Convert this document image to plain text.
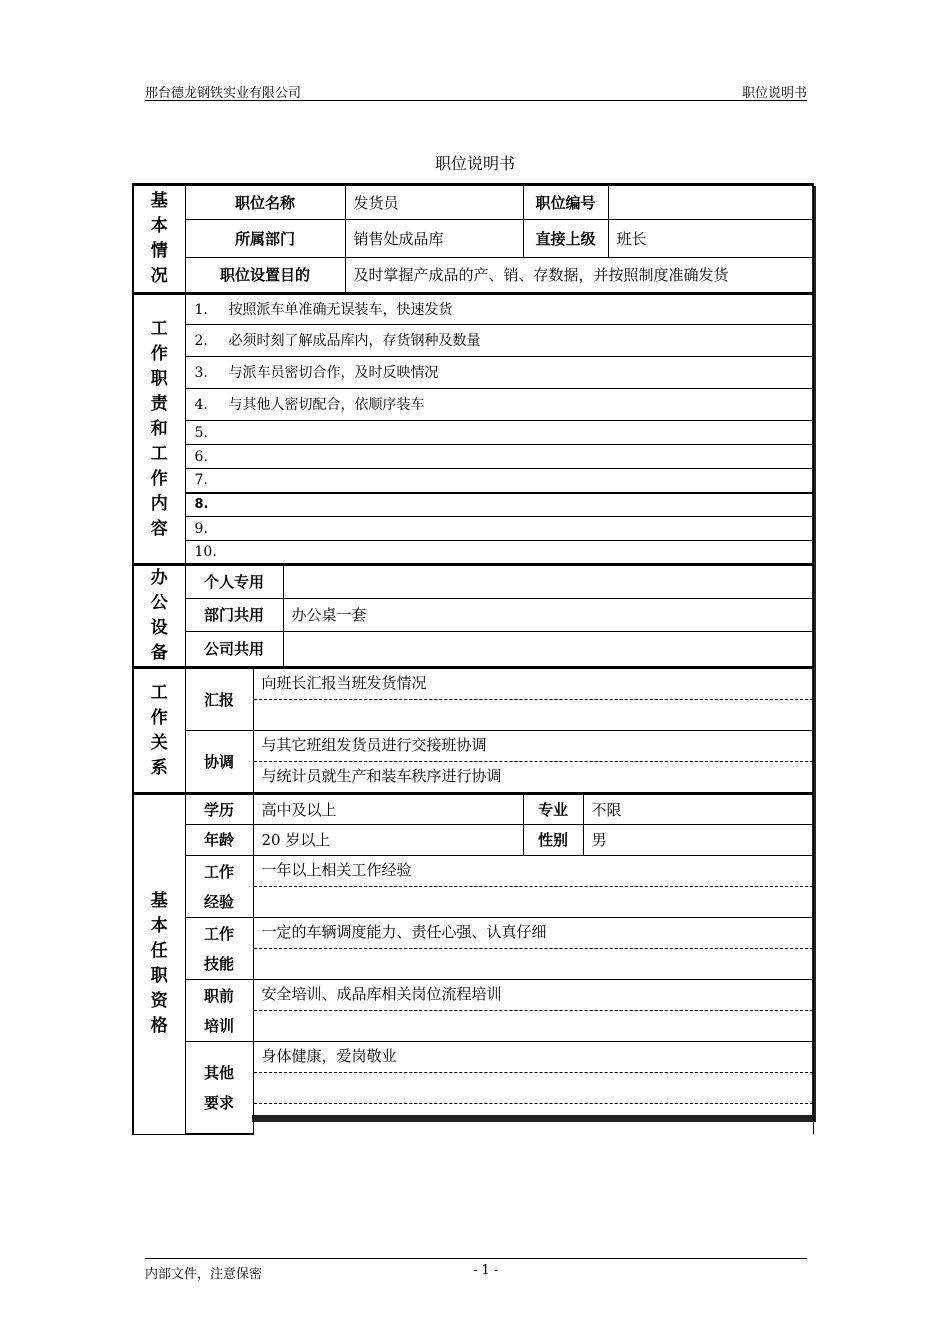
邢台德龙钢铁实业有限公司	职位说明书
职位说明书
基本情况	职位名称			发货员	职位编号		
	所属部门			销售处成品库	直接上级		班长
	职位设置目的			及时掌握产成品的产、销、存数据，并按照制度准确发货			

工作职责和工作内容	1. 按照派车单准确无误装车，快速发货						
	2. 必须时刻了解成品库内，存货钢种及数量						
	3. 与派车员密切合作，及时反映情况						
	4. 与其他人密切配合，依顺序装车						
	5.						
	6.						
	7.						
	8.						
	9.						
	10.						

办公设备	个人专用						
	部门共用		办公桌一套				
	公司共用						

工作关系	汇报	向班长汇报当班发货情况					

	协调	与其它班组发货员进行交接班协调
与统计员就生产和装车秩序进行协调					

基本任职资格	学历	高中及以上			专业	不限	
	年龄	20 岁以上			性别	男	

	工作经验	一年以上相关工作经验					

	工作技能	一定的车辆调度能力、责任心强、认真仔细					

	职前培训	安全培训、成品库相关岗位流程培训					

	其他要求	身体健康，爱岗敬业					
内部文件，注意保密	- 1 -
